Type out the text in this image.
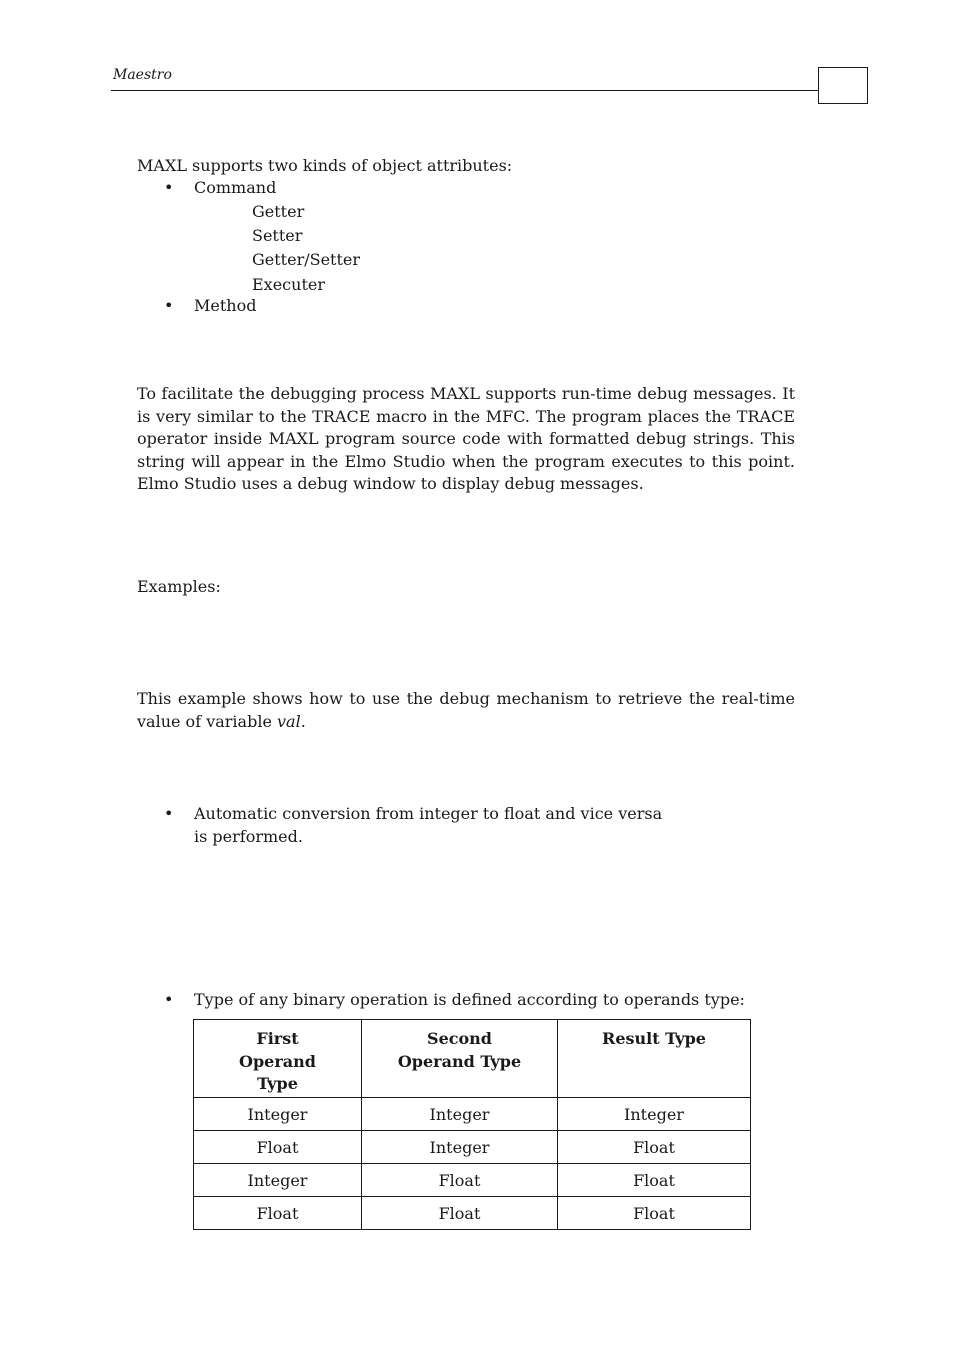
Maestro
MAXL supports two kinds of object attributes:
• Command
Getter
Setter
Getter/Setter
Executer
• Method
To facilitate the debugging process MAXL supports run-time debug messages. It is very similar to the TRACE macro in the MFC. The program places the TRACE operator inside MAXL program source code with formatted debug strings. This string will appear in the Elmo Studio when the program executes to this point. Elmo Studio uses a debug window to display debug messages.
Examples:
This example shows how to use the debug mechanism to retrieve the real-time value of variable val.
• Automatic conversion from integer to float and vice versa is performed.
• Type of any binary operation is defined according to operands type:
First Operand Type	Second Operand Type	Result Type
Integer	Integer	Integer
Float	Integer	Float
Integer	Float	Float
Float	Float	Float
